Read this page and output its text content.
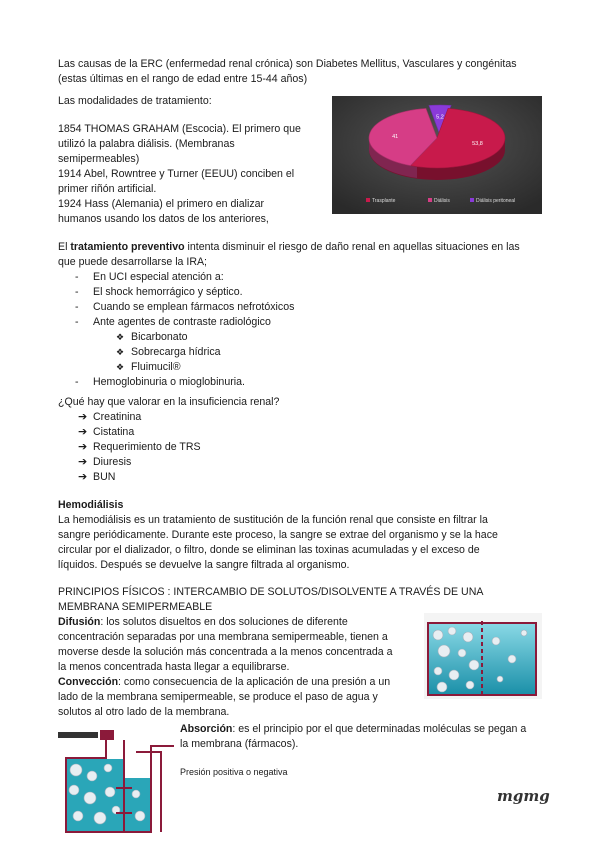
Las causas de la ERC (enfermedad renal crónica) son Diabetes Mellitus, Vasculares y congénitas

(estas últimas en el rango de edad entre 15-44 años)

Las modalidades de tratamiento:

1854 THOMAS GRAHAM (Escocia). El primero que

utilizó la palabra diálisis. (Membranas

semipermeables)

1914 Abel, Rowntree y Turner (EEUU) conciben el

primer riñón artificial.

1924 Hass (Alemania) el primero en dializar

humanos usando los datos de los anteriores,

5,2
53,8
41
Trasplante	Diálisis	Diálisis peritoneal

El tratamiento preventivo intenta disminuir el riesgo de daño renal en aquellas situaciones en las

que puede desarrollarse la IRA;

- En UCI especial atención a:
- El shock hemorrágico y séptico.
- Cuando se emplean fármacos nefrotóxicos
- Ante agentes de contraste radiológico
❖ Bicarbonato
❖ Sobrecarga hídrica
❖ Fluimucil®
- Hemoglobinuria o mioglobinuria.

¿Qué hay que valorar en la insuficiencia renal?

➔ Creatinina
➔ Cistatina
➔ Requerimiento de TRS
➔ Diuresis
➔ BUN

Hemodiálisis

La hemodiálisis es un tratamiento de sustitución de la función renal que consiste en filtrar la

sangre periódicamente. Durante este proceso, la sangre se extrae del organismo y se la hace

circular por el dializador, o filtro, donde se eliminan las toxinas acumuladas y el exceso de

líquidos. Después se devuelve la sangre filtrada al organismo.

PRINCIPIOS FÍSICOS : INTERCAMBIO DE SOLUTOS/DISOLVENTE A TRAVÉS DE UNA

MEMBRANA SEMIPERMEABLE

Difusión: los solutos disueltos en dos soluciones de diferente

concentración separadas por una membrana semipermeable, tienen a

moverse desde la solución más concentrada a la menos concentrada a

la menos concentrada hasta llegar a equilibrarse.

Convección: como consecuencia de la aplicación de una presión a un

lado de la membrana semipermeable, se produce el paso de agua y

solutos al otro lado de la membrana.

Absorción: es el principio por el que determinadas moléculas se pegan a

la membrana (fármacos).

Presión positiva o negativa

mgmg
